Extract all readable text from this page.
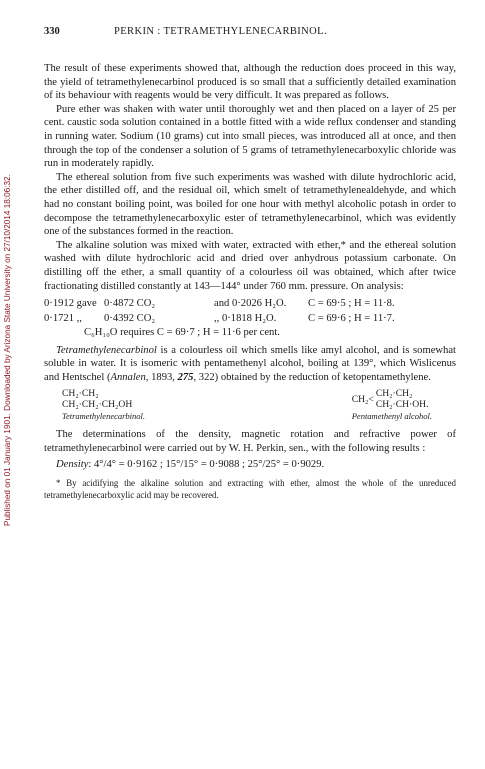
Published on 01 January 1901. Downloaded by Arizona State University on 27/10/2014 18:06:32.
330	PERKIN : TETRAMETHYLENECARBINOL.

The result of these experiments showed that, although the reduction does proceed in this way, the yield of tetramethylenecarbinol produced is so small that a sufficiently detailed examination of its behaviour with reagents would be very difficult. It was prepared as follows.

Pure ether was shaken with water until thoroughly wet and then placed on a layer of 25 per cent. caustic soda solution contained in a bottle fitted with a wide reflux condenser and standing in running water. Sodium (10 grams) cut into small pieces, was introduced all at once, and then through the top of the condenser a solution of 5 grams of tetramethylenecarboxylic chloride was run in moderately rapidly.

The ethereal solution from five such experiments was washed with dilute hydrochloric acid, the ether distilled off, and the residual oil, which smelt of tetramethylenealdehyde, and which had no constant boiling point, was boiled for one hour with methyl alcoholic potash in order to decompose the tetramethylenecarboxylic ester of tetramethylenecarbinol, which was evidently one of the substances formed in the reaction.

The alkaline solution was mixed with water, extracted with ether,* and the ethereal solution washed with dilute hydrochloric acid and dried over anhydrous potassium carbonate. On distilling off the ether, a small quantity of a colourless oil was obtained, which after twice fractionating distilled constantly at 143—144° under 760 mm. pressure. On analysis:

0·1912 gave 0·4872 CO₂	and 0·2026 H₂O.	C = 69·5 ; H = 11·8.
0·1721 ,,	0·4392 CO₂	,, 0·1818 H₂O.	C = 69·6 ; H = 11·7.
C₆H₁₀O requires C = 69·7 ; H = 11·6 per cent.

Tetramethylenecarbinol is a colourless oil which smells like amyl alcohol, and is somewhat soluble in water. It is isomeric with pentamethenyl alcohol, boiling at 139°, which Wislicenus and Hentschel (Annalen, 1893, 275, 322) obtained by the reduction of ketopentamethylene.

CH₂·CH₂
CH₂·CH₂·CH₂OH
Tetramethylenecarbinol.
CH₂< CH₂·CH₂
CH₂·CH·OH.
Pentamethenyl alcohol.

The determinations of the density, magnetic rotation and refractive power of tetramethylenecarbinol were carried out by W. H. Perkin, sen., with the following results :

Density: 4°/4° = 0·9162 ; 15°/15° = 0·9088 ; 25°/25° = 0·9029.

* By acidifying the alkaline solution and extracting with ether, almost the whole of the unreduced tetramethylenecarboxylic acid may be recovered.
